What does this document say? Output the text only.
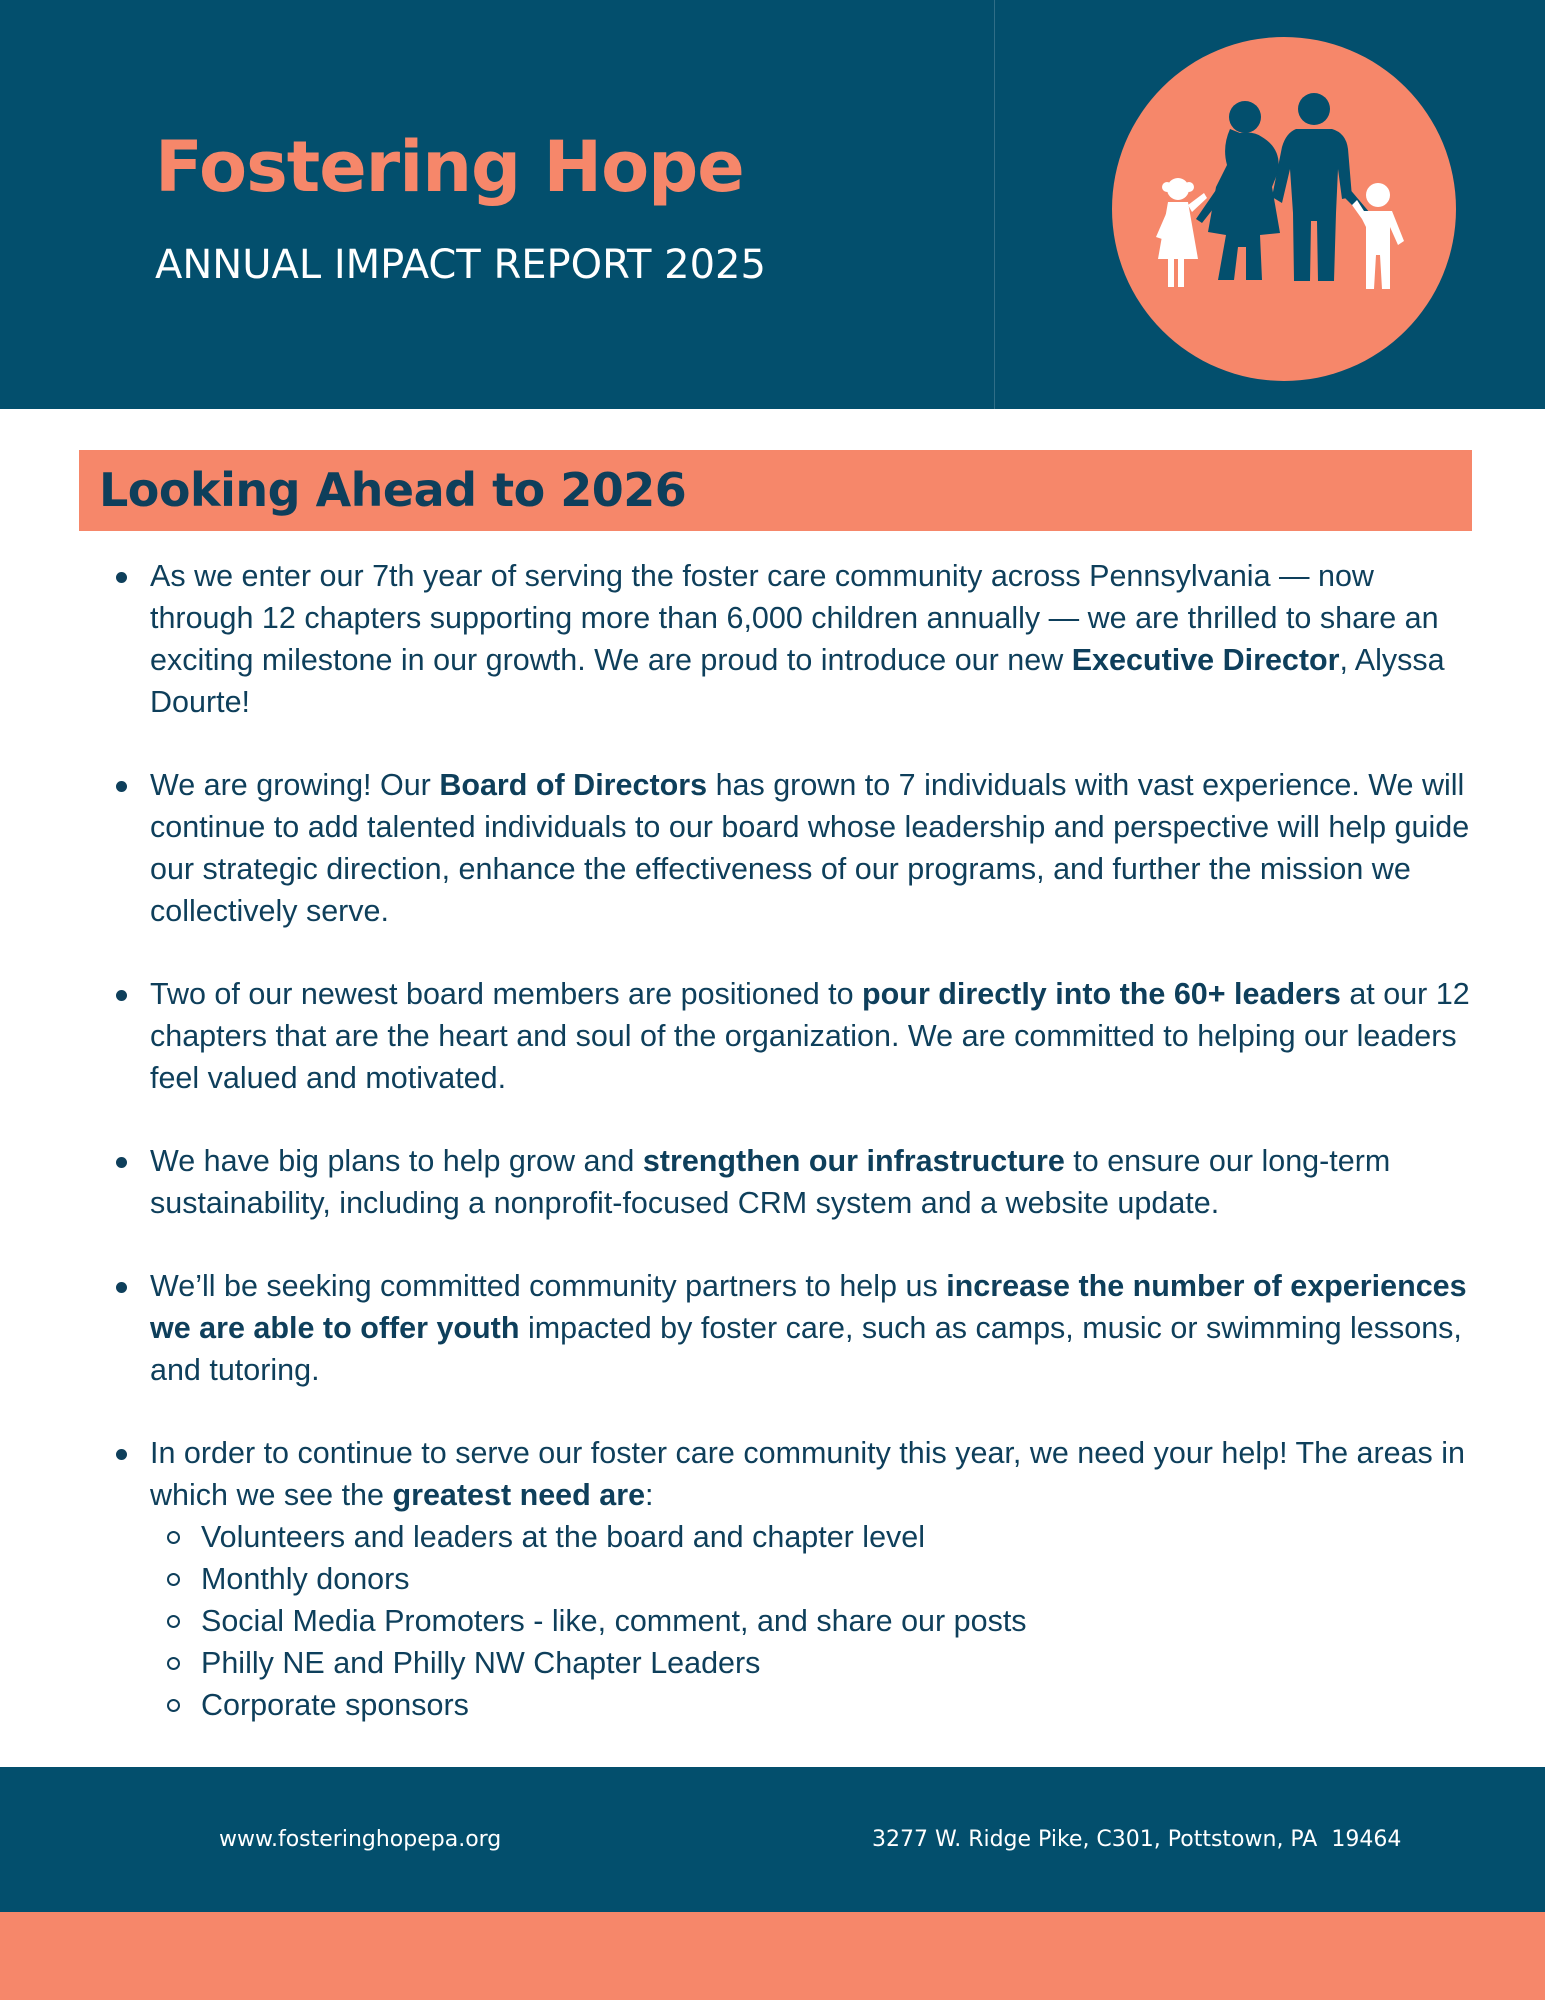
Fostering Hope
ANNUAL IMPACT REPORT 2025
Looking Ahead to 2026
As we enter our 7th year of serving the foster care community across Pennsylvania — now through 12 chapters supporting more than 6,000 children annually — we are thrilled to share an exciting milestone in our growth. We are proud to introduce our new Executive Director, Alyssa Dourte!
We are growing! Our Board of Directors has grown to 7 individuals with vast experience. We will continue to add talented individuals to our board whose leadership and perspective will help guide our strategic direction, enhance the effectiveness of our programs, and further the mission we collectively serve.
Two of our newest board members are positioned to pour directly into the 60+ leaders at our 12 chapters that are the heart and soul of the organization. We are committed to helping our leaders feel valued and motivated.
We have big plans to help grow and strengthen our infrastructure to ensure our long-term sustainability, including a nonprofit-focused CRM system and a website update.
We’ll be seeking committed community partners to help us increase the number of experiences we are able to offer youth impacted by foster care, such as camps, music or swimming lessons, and tutoring.
In order to continue to serve our foster care community this year, we need your help! The areas in which we see the greatest need are:
Volunteers and leaders at the board and chapter level
Monthly donors
Social Media Promoters - like, comment, and share our posts
Philly NE and Philly NW Chapter Leaders
Corporate sponsors
www.fosteringhopepa.org	3277 W. Ridge Pike, C301, Pottstown, PA  19464
